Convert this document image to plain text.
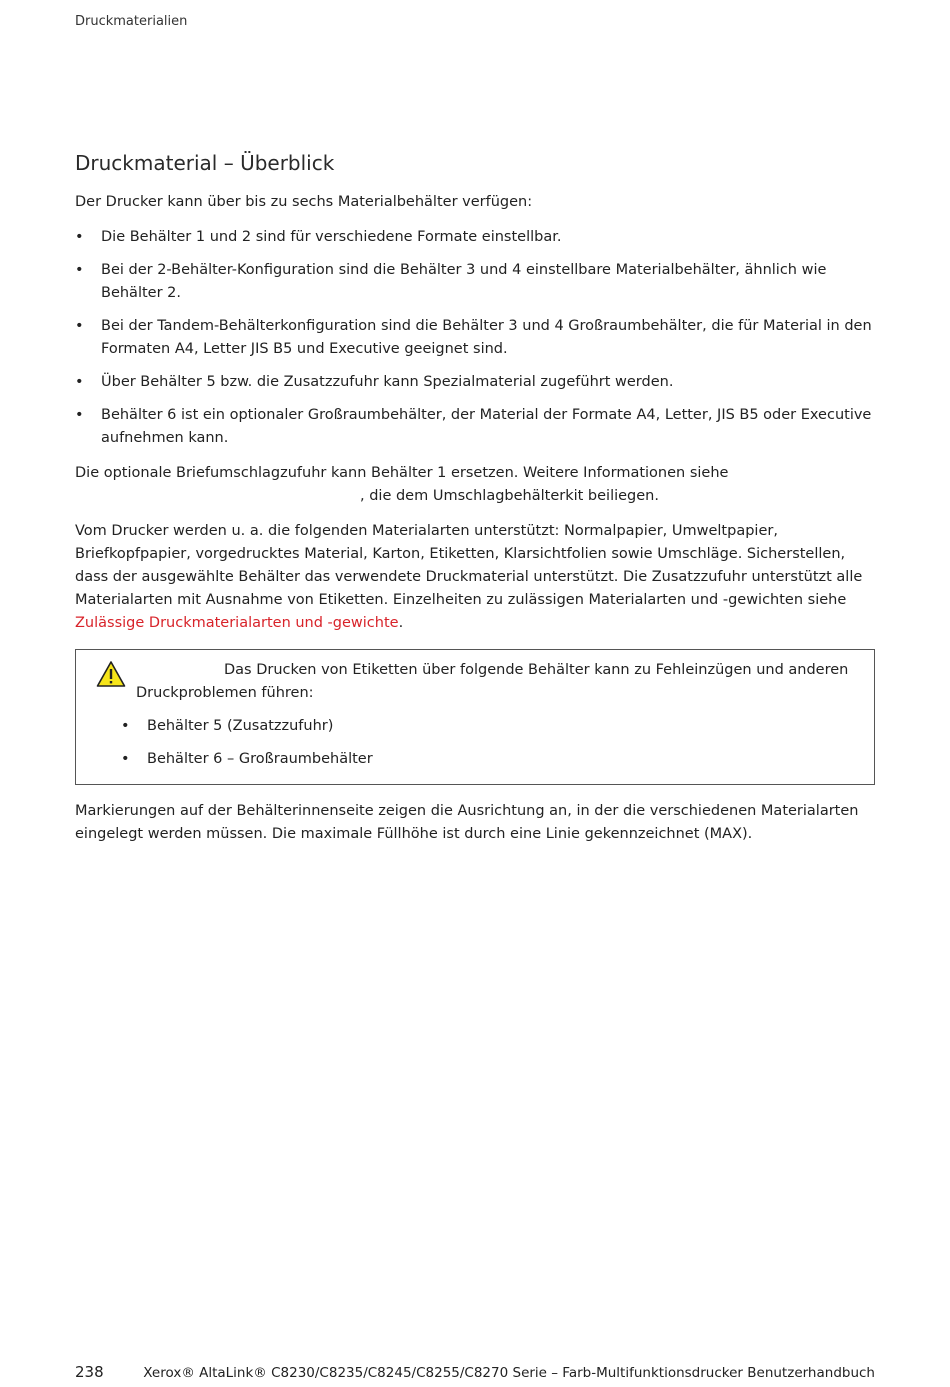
Druckmaterialien
Druckmaterial – Überblick

Der Drucker kann über bis zu sechs Materialbehälter verfügen:

• Die Behälter 1 und 2 sind für verschiedene Formate einstellbar.
• Bei der 2-Behälter-Konfiguration sind die Behälter 3 und 4 einstellbare Materialbehälter, ähnlich wie Behälter 2.
• Bei der Tandem-Behälterkonfiguration sind die Behälter 3 und 4 Großraumbehälter, die für Material in den Formaten A4, Letter JIS B5 und Executive geeignet sind.
• Über Behälter 5 bzw. die Zusatzzufuhr kann Spezialmaterial zugeführt werden.
• Behälter 6 ist ein optionaler Großraumbehälter, der Material der Formate A4, Letter, JIS B5 oder Executive aufnehmen kann.

Die optionale Briefumschlagzufuhr kann Behälter 1 ersetzen. Weitere Informationen siehe
, die dem Umschlagbehälterkit beiliegen.

Vom Drucker werden u. a. die folgenden Materialarten unterstützt: Normalpapier, Umweltpapier, Briefkopfpapier, vorgedrucktes Material, Karton, Etiketten, Klarsichtfolien sowie Umschläge. Sicherstellen, dass der ausgewählte Behälter das verwendete Druckmaterial unterstützt. Die Zusatzzufuhr unterstützt alle Materialarten mit Ausnahme von Etiketten. Einzelheiten zu zulässigen Materialarten und -gewichten siehe Zulässige Druckmaterialarten und -gewichte.

Das Drucken von Etiketten über folgende Behälter kann zu Fehleinzügen und anderen
Druckproblemen führen:
• Behälter 5 (Zusatzzufuhr)
• Behälter 6 – Großraumbehälter

Markierungen auf der Behälterinnenseite zeigen die Ausrichtung an, in der die verschiedenen Materialarten eingelegt werden müssen. Die maximale Füllhöhe ist durch eine Linie gekennzeichnet (MAX).

238	Xerox® AltaLink® C8230/C8235/C8245/C8255/C8270 Serie – Farb-Multifunktionsdrucker Benutzerhandbuch
